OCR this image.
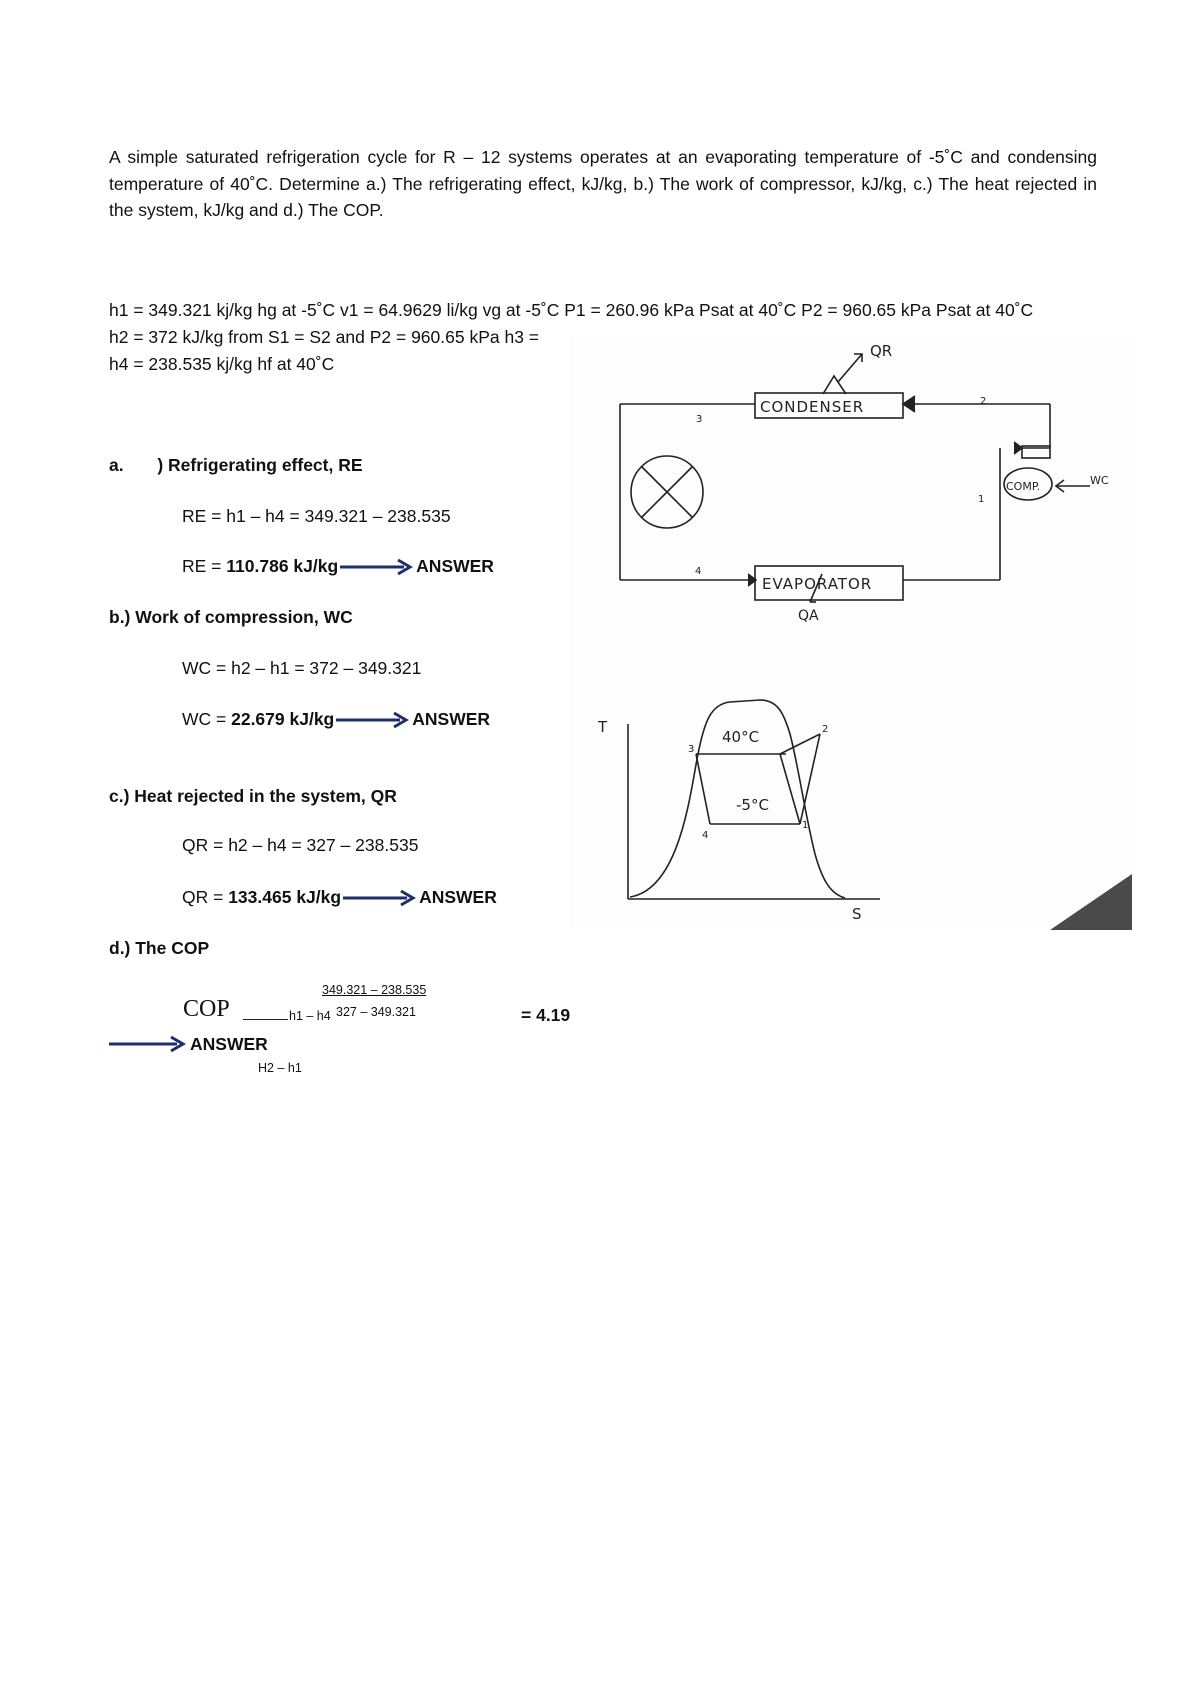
A simple saturated refrigeration cycle for R – 12 systems operates at an evaporating temperature of -5˚C and condensing temperature of 40˚C. Determine a.) The refrigerating effect, kJ/kg, b.) The work of compressor, kJ/kg, c.) The heat rejected in the system, kJ/kg and d.) The COP.
h1 = 349.321 kj/kg hg at -5˚C v1 = 64.9629 li/kg vg at -5˚C P1 = 260.96 kPa Psat at 40˚C P2 = 960.65 kPa Psat at 40˚C
h2 = 372 kJ/kg from S1 = S2 and P2 = 960.65 kPa h3 =
h4 = 238.535 kj/kg hf at 40˚C
a. ) Refrigerating effect, RE
RE = h1 – h4 = 349.321 – 238.535
RE = 110.786 kJ/kg	ANSWER
b.) Work of compression, WC
WC = h2 – h1 = 372 – 349.321
WC = 22.679 kJ/kg	ANSWER
c.) Heat rejected in the system, QR
QR = h2 – h4 = 327 – 238.535
QR = 133.465 kJ/kg	ANSWER
d.) The COP
349.321 – 238.535
COP	h1 – h4 327 – 349.321	= 4.19
ANSWER
H2 – h1
QR
CONDENSER	2
3
COMP.	WC
1
4
EVAPORATOR
QA
T
S
40°C
-5°C
3
2
4
1
